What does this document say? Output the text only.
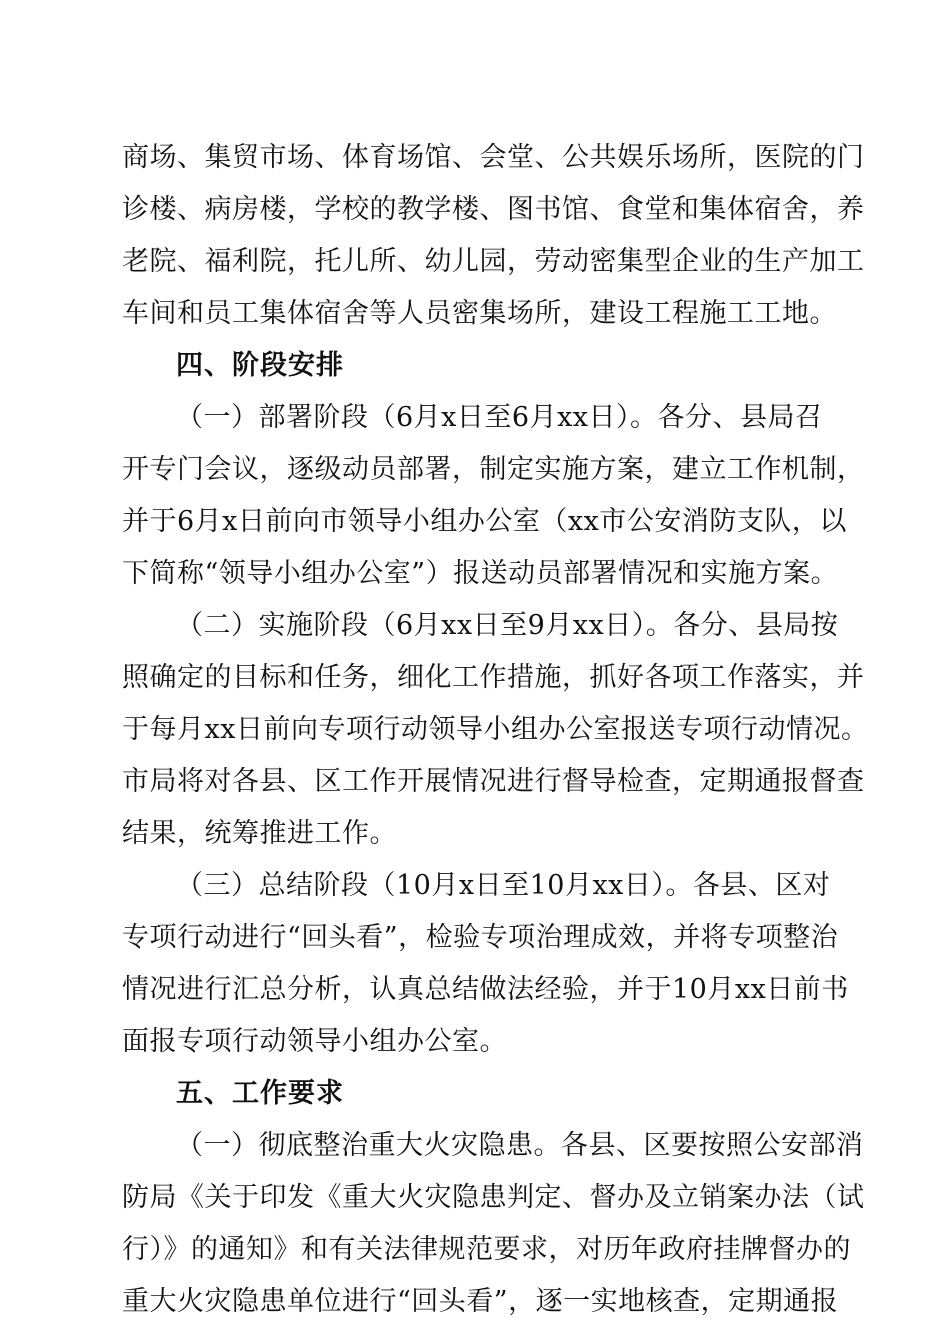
商场、集贸市场、体育场馆、会堂、公共娱乐场所，医院的门

诊楼、病房楼，学校的教学楼、图书馆、食堂和集体宿舍，养

老院、福利院，托儿所、幼儿园，劳动密集型企业的生产加工

车间和员工集体宿舍等人员密集场所，建设工程施工工地。

四、阶段安排

（一）部署阶段（6月x日至6月xx日）。各分、县局召

开专门会议，逐级动员部署，制定实施方案，建立工作机制，

并于6月x日前向市领导小组办公室（xx市公安消防支队，以

下简称“领导小组办公室”）报送动员部署情况和实施方案。

（二）实施阶段（6月xx日至9月xx日）。各分、县局按

照确定的目标和任务，细化工作措施，抓好各项工作落实，并

于每月xx日前向专项行动领导小组办公室报送专项行动情况。

市局将对各县、区工作开展情况进行督导检查，定期通报督查

结果，统筹推进工作。

（三）总结阶段（10月x日至10月xx日）。各县、区对

专项行动进行“回头看”，检验专项治理成效，并将专项整治

情况进行汇总分析，认真总结做法经验，并于10月xx日前书

面报专项行动领导小组办公室。

五、工作要求

（一）彻底整治重大火灾隐患。各县、区要按照公安部消

防局《关于印发《重大火灾隐患判定、督办及立销案办法（试

行）》的通知》和有关法律规范要求，对历年政府挂牌督办的

重大火灾隐患单位进行“回头看”，逐一实地核查，定期通报
